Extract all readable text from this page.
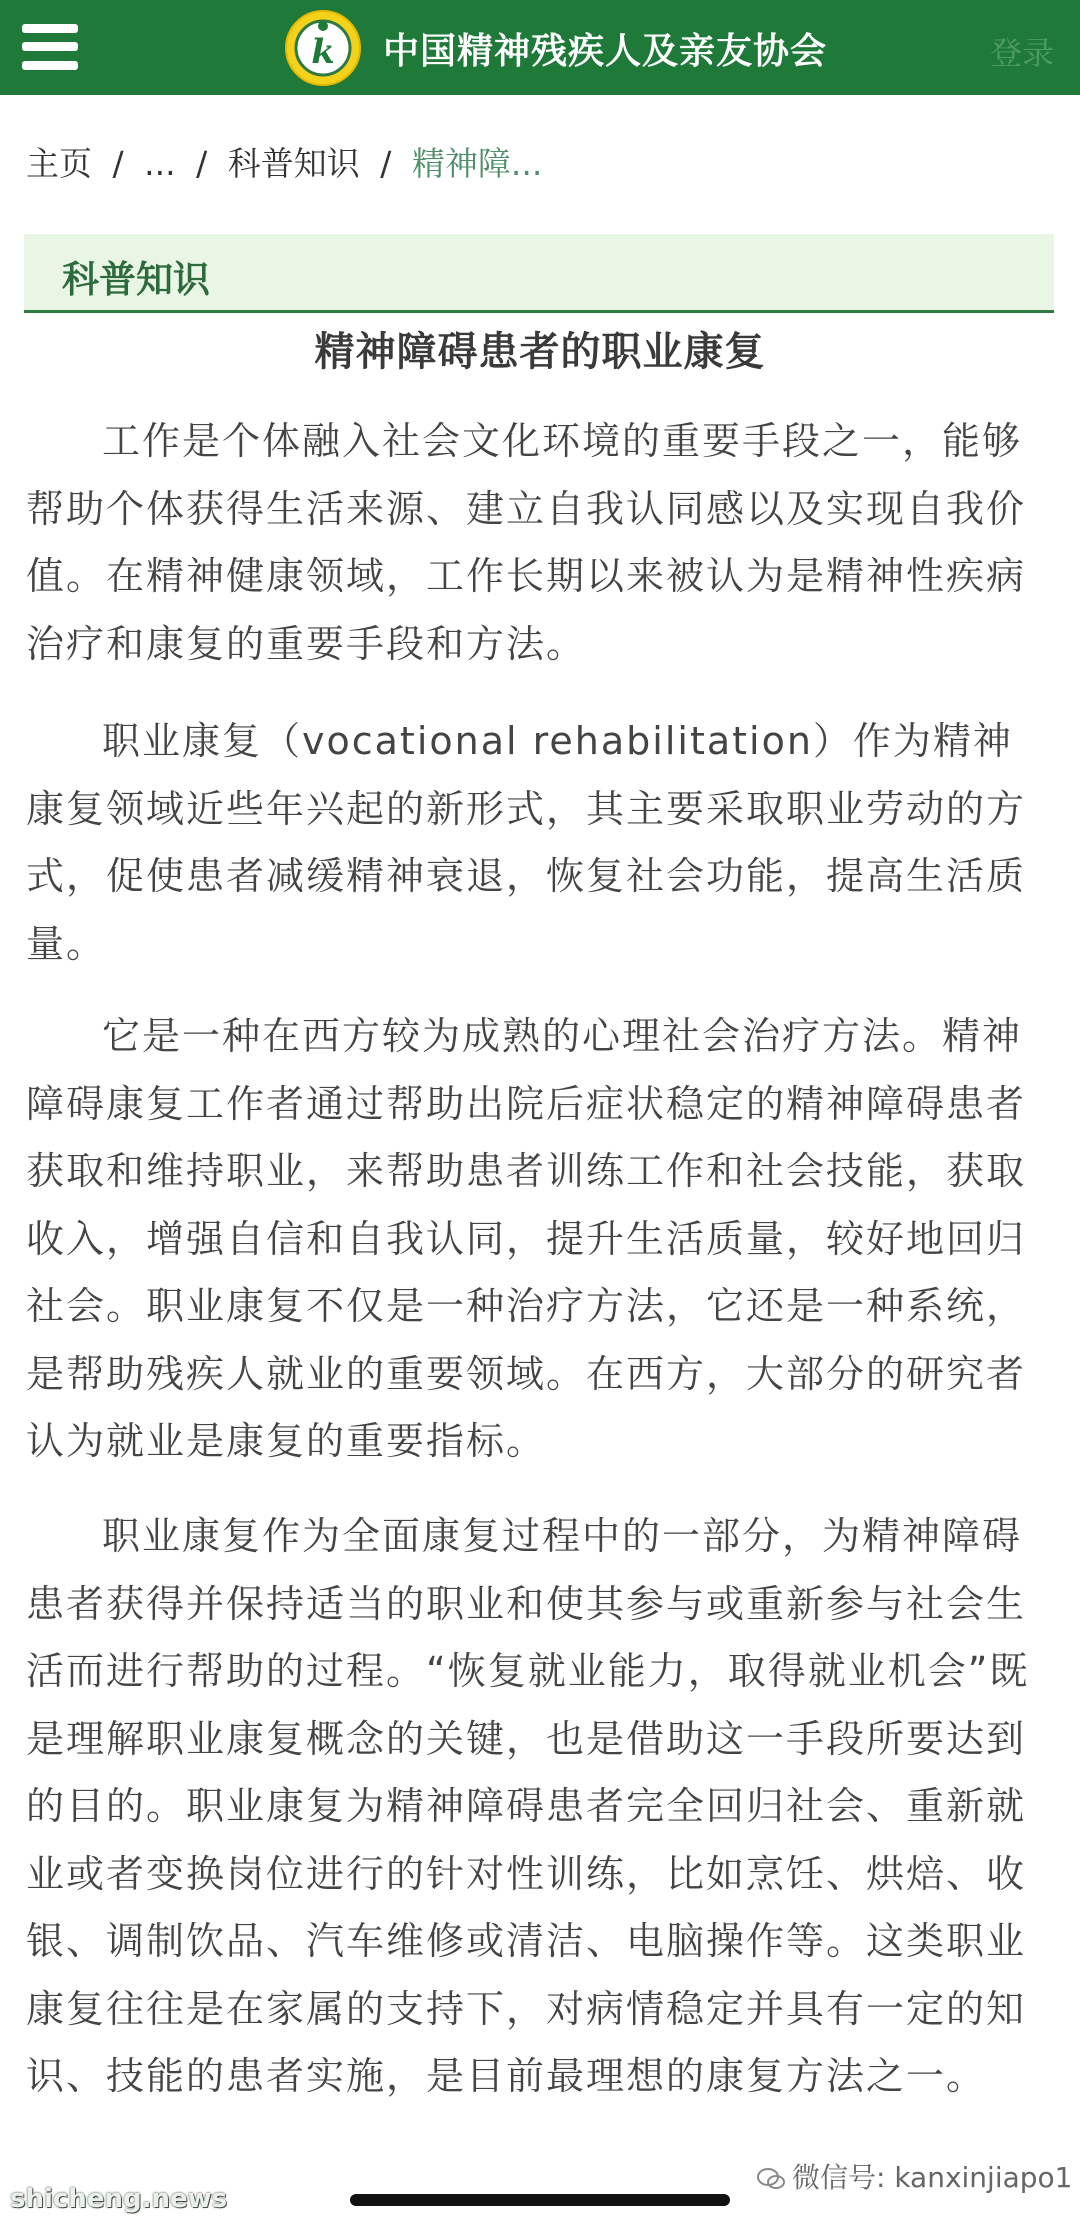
k 中国精神残疾人及亲友协会	登录
主页 / ... / 科普知识 / 精神障...
科普知识
精神障碍患者的职业康复

工作是个体融入社会文化环境的重要手段之一，能够帮助个体获得生活来源、建立自我认同感以及实现自我价值。在精神健康领域，工作长期以来被认为是精神性疾病治疗和康复的重要手段和方法。

职业康复（vocational rehabilitation）作为精神康复领域近些年兴起的新形式，其主要采取职业劳动的方式，促使患者减缓精神衰退，恢复社会功能，提高生活质量。

它是一种在西方较为成熟的心理社会治疗方法。精神障碍康复工作者通过帮助出院后症状稳定的精神障碍患者获取和维持职业，来帮助患者训练工作和社会技能，获取收入，增强自信和自我认同，提升生活质量，较好地回归社会。职业康复不仅是一种治疗方法，它还是一种系统，是帮助残疾人就业的重要领域。在西方，大部分的研究者认为就业是康复的重要指标。

职业康复作为全面康复过程中的一部分，为精神障碍患者获得并保持适当的职业和使其参与或重新参与社会生活而进行帮助的过程。“恢复就业能力，取得就业机会”既是理解职业康复概念的关键，也是借助这一手段所要达到的目的。职业康复为精神障碍患者完全回归社会、重新就业或者变换岗位进行的针对性训练，比如烹饪、烘焙、收银、调制饮品、汽车维修或清洁、电脑操作等。这类职业康复往往是在家属的支持下，对病情稳定并具有一定的知识、技能的患者实施，是目前最理想的康复方法之一。

微信号: kanxinjiapo1
shicheng.news
